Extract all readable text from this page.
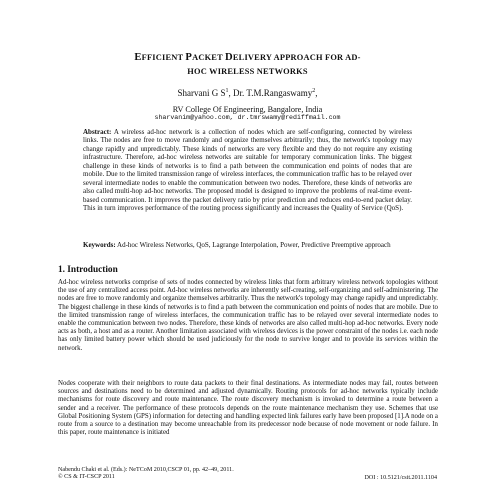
EFFICIENT PACKET DELIVERY APPROACH FOR AD-
HOC WIRELESS NETWORKS
Sharvani G $S^1$, Dr. T.M.Rangaswamy$^2$,
RV College Of Engineering, Bangalore, India
sharvanim@yahoo.com, dr.tmrswamy@rediffmail.com
Abstract: A wireless ad-hoc network is a collection of nodes which are self-configuring, connected by wireless links. The nodes are free to move randomly and organize themselves arbitrarily; thus, the network's topology may change rapidly and unpredictably. These kinds of networks are very flexible and they do not require any existing infrastructure. Therefore, ad-hoc wireless networks are suitable for temporary communication links. The biggest challenge in these kinds of networks is to find a path between the communication end points of nodes that are mobile. Due to the limited transmission range of wireless interfaces, the communication traffic has to be relayed over several intermediate nodes to enable the communication between two nodes. Therefore, these kinds of networks are also called multi-hop ad-hoc networks. The proposed model is designed to improve the problems of real-time event-based communication. It improves the packet delivery ratio by prior prediction and reduces end-to-end packet delay. This in turn improves performance of the routing process significantly and increases the Quality of Service (QoS).
Keywords: Ad-hoc Wireless Networks, QoS, Lagrange Interpolation, Power, Predictive Preemptive approach
1. Introduction
Ad-hoc wireless networks comprise of sets of nodes connected by wireless links that form arbitrary wireless network topologies without the use of any centralized access point. Ad-hoc wireless networks are inherently self-creating, self-organizing and self-administering. The nodes are free to move randomly and organize themselves arbitrarily. Thus the network's topology may change rapidly and unpredictably. The biggest challenge in these kinds of networks is to find a path between the communication end points of nodes that are mobile. Due to the limited transmission range of wireless interfaces, the communication traffic has to be relayed over several intermediate nodes to enable the communication between two nodes. Therefore, these kinds of networks are also called multi-hop ad-hoc networks. Every node acts as both, a host and as a router. Another limitation associated with wireless devices is the power constraint of the nodes i.e. each node has only limited battery power which should be used judiciously for the node to survive longer and to provide its services within the network.
Nodes cooperate with their neighbors to route data packets to their final destinations. As intermediate nodes may fail, routes between sources and destinations need to be determined and adjusted dynamically. Routing protocols for ad-hoc networks typically include mechanisms for route discovery and route maintenance. The route discovery mechanism is invoked to determine a route between a sender and a receiver. The performance of these protocols depends on the route maintenance mechanism they use. Schemes that use Global Positioning System (GPS) information for detecting and handling expected link failures early have been proposed [1].A node on a route from a source to a destination may become unreachable from its predecessor node because of node movement or node failure. In this paper, route maintenance is initiated
Nabendu Chaki et al. (Eds.): NeTCoM 2010,CSCP 01, pp. 42–49, 2011.
© CS & IT-CSCP 2011	DOI : 10.5121/csit.2011.1104
